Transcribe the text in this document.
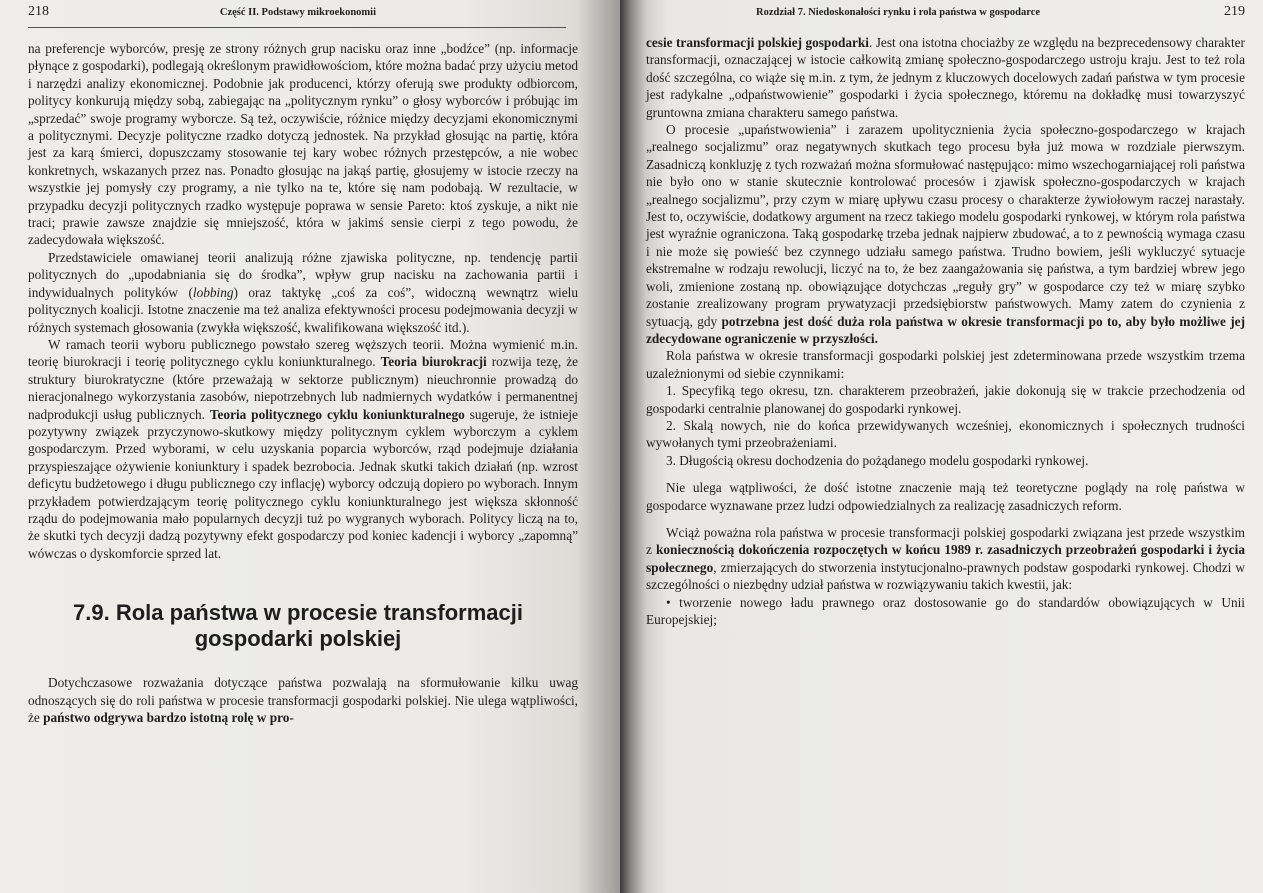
218	Część II. Podstawy mikroekonomii

na preferencje wyborców, presję ze strony różnych grup nacisku oraz inne „bodźce” (np. informacje płynące z gospodarki), podlegają określonym prawidłowościom, które można badać przy użyciu metod i narzędzi analizy ekonomicznej. Podobnie jak producenci, którzy oferują swe produkty odbiorcom, politycy konkurują między sobą, zabiegając na „politycznym rynku” o głosy wyborców i próbując im „sprzedać” swoje programy wyborcze. Są też, oczywiście, różnice między decyzjami ekonomicznymi a politycznymi. Decyzje polityczne rzadko dotyczą jednostek. Na przykład głosując na partię, która jest za karą śmierci, dopuszczamy stosowanie tej kary wobec różnych przestępców, a nie wobec konkretnych, wskazanych przez nas. Ponadto głosując na jakąś partię, głosujemy w istocie rzeczy na wszystkie jej pomysły czy programy, a nie tylko na te, które się nam podobają. W rezultacie, w przypadku decyzji politycznych rzadko występuje poprawa w sensie Pareto: ktoś zyskuje, a nikt nie traci; prawie zawsze znajdzie się mniejszość, która w jakimś sensie cierpi z tego powodu, że zadecydowała większość.

Przedstawiciele omawianej teorii analizują różne zjawiska polityczne, np. tendencję partii politycznych do „upodabniania się do środka”, wpływ grup nacisku na zachowania partii i indywidualnych polityków (lobbing) oraz taktykę „coś za coś”, widoczną wewnątrz wielu politycznych koalicji. Istotne znaczenie ma też analiza efektywności procesu podejmowania decyzji w różnych systemach głosowania (zwykła większość, kwalifikowana większość itd.).

W ramach teorii wyboru publicznego powstało szereg węższych teorii. Można wymienić m.in. teorię biurokracji i teorię politycznego cyklu koniunkturalnego. Teoria biurokracji rozwija tezę, że struktury biurokratyczne (które przeważają w sektorze publicznym) nieuchronnie prowadzą do nieracjonalnego wykorzystania zasobów, niepotrzebnych lub nadmiernych wydatków i permanentnej nadprodukcji usług publicznych. Teoria politycznego cyklu koniunkturalnego sugeruje, że istnieje pozytywny związek przyczynowo-skutkowy między politycznym cyklem wyborczym a cyklem gospodarczym. Przed wyborami, w celu uzyskania poparcia wyborców, rząd podejmuje działania przyspieszające ożywienie koniunktury i spadek bezrobocia. Jednak skutki takich działań (np. wzrost deficytu budżetowego i długu publicznego czy inflację) wyborcy odczują dopiero po wyborach. Innym przykładem potwierdzającym teorię politycznego cyklu koniunkturalnego jest większa skłonność rządu do podejmowania mało popularnych decyzji tuż po wygranych wyborach. Politycy liczą na to, że skutki tych decyzji dadzą pozytywny efekt gospodarczy pod koniec kadencji i wyborcy „zapomną” wówczas o dyskomforcie sprzed lat.

7.9. Rola państwa w procesie transformacji
gospodarki polskiej

Dotychczasowe rozważania dotyczące państwa pozwalają na sformułowanie kilku uwag odnoszących się do roli państwa w procesie transformacji gospodarki polskiej. Nie ulega wątpliwości, że państwo odgrywa bardzo istotną rolę w pro-

Rozdział 7. Niedoskonałości rynku i rola państwa w gospodarce	219

cesie transformacji polskiej gospodarki. Jest ona istotna chociażby ze względu na bezprecedensowy charakter transformacji, oznaczającej w istocie całkowitą zmianę społeczno-gospodarczego ustroju kraju. Jest to też rola dość szczególna, co wiąże się m.in. z tym, że jednym z kluczowych docelowych zadań państwa w tym procesie jest radykalne „odpaństwowienie” gospodarki i życia społecznego, któremu na dokładkę musi towarzyszyć gruntowna zmiana charakteru samego państwa.

O procesie „upaństwowienia” i zarazem upolitycznienia życia społeczno-gospodarczego w krajach „realnego socjalizmu” oraz negatywnych skutkach tego procesu była już mowa w rozdziale pierwszym. Zasadniczą konkluzję z tych rozważań można sformułować następująco: mimo wszechogarniającej roli państwa nie było ono w stanie skutecznie kontrolować procesów i zjawisk społeczno-gospodarczych w krajach „realnego socjalizmu”, przy czym w miarę upływu czasu procesy o charakterze żywiołowym raczej narastały. Jest to, oczywiście, dodatkowy argument na rzecz takiego modelu gospodarki rynkowej, w którym rola państwa jest wyraźnie ograniczona. Taką gospodarkę trzeba jednak najpierw zbudować, a to z pewnością wymaga czasu i nie może się powieść bez czynnego udziału samego państwa. Trudno bowiem, jeśli wykluczyć sytuacje ekstremalne w rodzaju rewolucji, liczyć na to, że bez zaangażowania się państwa, a tym bardziej wbrew jego woli, zmienione zostaną np. obowiązujące dotychczas „reguły gry” w gospodarce czy też w miarę szybko zostanie zrealizowany program prywatyzacji przedsiębiorstw państwowych. Mamy zatem do czynienia z sytuacją, gdy potrzebna jest dość duża rola państwa w okresie transformacji po to, aby było możliwe jej zdecydowane ograniczenie w przyszłości.

Rola państwa w okresie transformacji gospodarki polskiej jest zdeterminowana przede wszystkim trzema uzależnionymi od siebie czynnikami:

1. Specyfiką tego okresu, tzn. charakterem przeobrażeń, jakie dokonują się w trakcie przechodzenia od gospodarki centralnie planowanej do gospodarki rynkowej.

2. Skalą nowych, nie do końca przewidywanych wcześniej, ekonomicznych i społecznych trudności wywołanych tymi przeobrażeniami.

3. Długością okresu dochodzenia do pożądanego modelu gospodarki rynkowej.

Nie ulega wątpliwości, że dość istotne znaczenie mają też teoretyczne poglądy na rolę państwa w gospodarce wyznawane przez ludzi odpowiedzialnych za realizację zasadniczych reform.

Wciąż poważna rola państwa w procesie transformacji polskiej gospodarki związana jest przede wszystkim z koniecznością dokończenia rozpoczętych w końcu 1989 r. zasadniczych przeobrażeń gospodarki i życia społecznego, zmierzających do stworzenia instytucjonalno-prawnych podstaw gospodarki rynkowej. Chodzi w szczególności o niezbędny udział państwa w rozwiązywaniu takich kwestii, jak:

• tworzenie nowego ładu prawnego oraz dostosowanie go do standardów obowiązujących w Unii Europejskiej;
